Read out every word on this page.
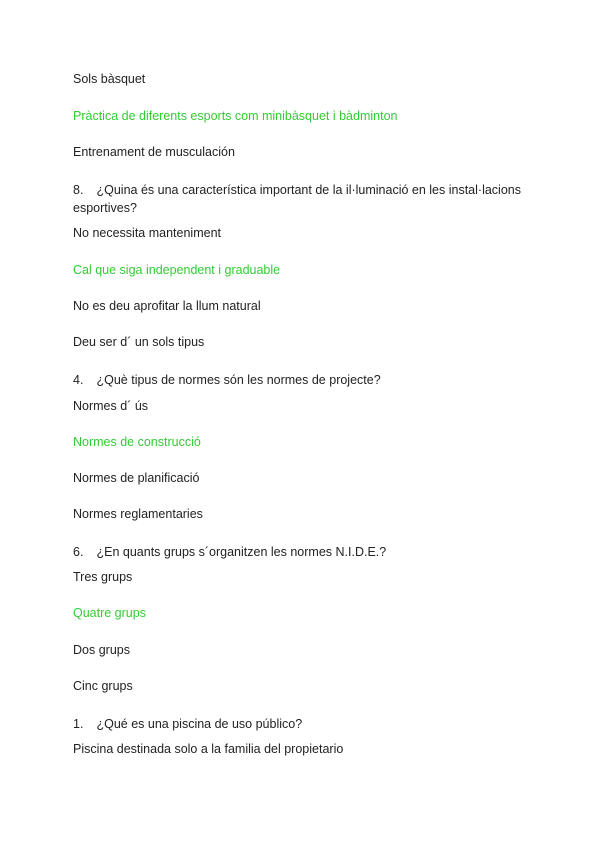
Sols bàsquet
Pràctica de diferents esports com minibàsquet i bàdminton
Entrenament de musculación
8. ¿Quina és una característica important de la il·luminació en les instal·lacions esportives?
No necessita manteniment
Cal que siga independent i graduable
No es deu aprofitar la llum natural
Deu ser d´ un sols tipus
4. ¿Què tipus de normes són les normes de projecte?
Normes d´ ús
Normes de construcció
Normes de planificació
Normes reglamentaries
6. ¿En quants grups s´organitzen les normes N.I.D.E.?
Tres grups
Quatre grups
Dos grups
Cinc grups
1. ¿Qué es una piscina de uso público?
Piscina destinada solo a la familia del propietario
